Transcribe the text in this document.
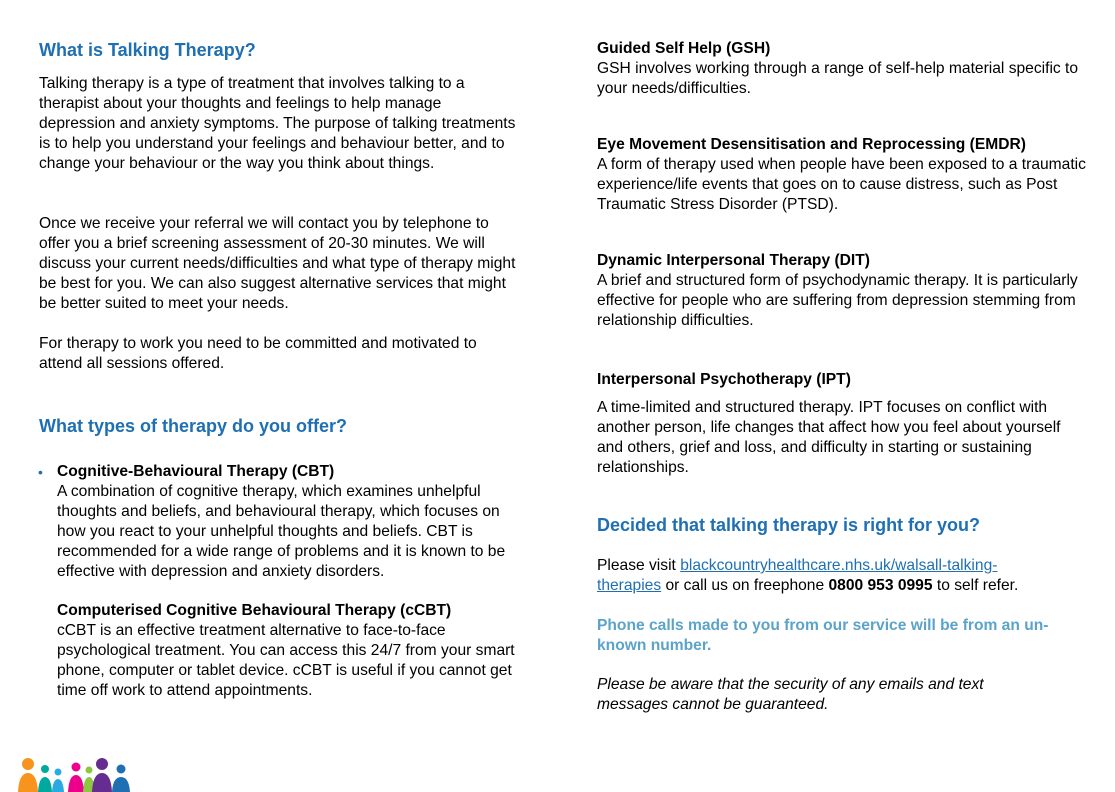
What is Talking Therapy?

Talking therapy is a type of treatment that involves talking to a therapist about your thoughts and feelings to help manage depression and anxiety symptoms. The purpose of talking treatments is to help you understand your feelings and behaviour better, and to change your behaviour or the way you think about things.

Once we receive your referral we will contact you by telephone to offer you a brief screening assessment of 20-30 minutes. We will discuss your current needs/difficulties and what type of therapy might be best for you. We can also suggest alternative services that might be better suited to meet your needs.

For therapy to work you need to be committed and motivated to attend all sessions offered.

What types of therapy do you offer?
• Cognitive-Behavioural Therapy (CBT)
A combination of cognitive therapy, which examines unhelpful thoughts and beliefs, and behavioural therapy, which focuses on how you react to your unhelpful thoughts and beliefs. CBT is recommended for a wide range of problems and it is known to be effective with depression and anxiety disorders.
Computerised Cognitive Behavioural Therapy (cCBT)
cCBT is an effective treatment alternative to face-to-face psychological treatment. You can access this 24/7 from your smart phone, computer or tablet device. cCBT is useful if you cannot get time off work to attend appointments.
Guided Self Help (GSH)
GSH involves working through a range of self-help material specific to your needs/difficulties.
Eye Movement Desensitisation and Reprocessing (EMDR)
A form of therapy used when people have been exposed to a traumatic experience/life events that goes on to cause distress, such as Post Traumatic Stress Disorder (PTSD).
Dynamic Interpersonal Therapy (DIT)
A brief and structured form of psychodynamic therapy. It is particularly effective for people who are suffering from depression stemming from relationship difficulties.
Interpersonal Psychotherapy (IPT)
A time-limited and structured therapy. IPT focuses on conflict with another person, life changes that affect how you feel about yourself and others, grief and loss, and difficulty in starting or sustaining relationships.
Decided that talking therapy is right for you?
Please visit blackcountryhealthcare.nhs.uk/walsall-talking-
therapies or call us on freephone 0800 953 0995 to self refer.
Phone calls made to you from our service will be from an un-
known number.
Please be aware that the security of any emails and text
messages cannot be guaranteed.
